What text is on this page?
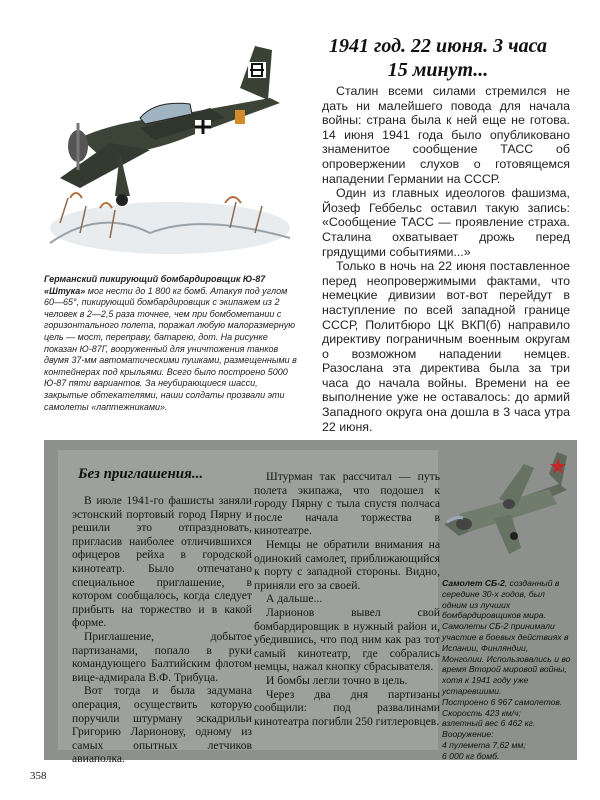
Германский пикирующий бомбардировщик Ю-87 «Штука» мог нести до 1 800 кг бомб. Атакуя под углом 60—65°, пикирующий бомбардировщик с экипажем из 2 человек в 2—2,5 раза точнее, чем при бомбометании с горизонтального полета, поражал любую малоразмерную цель — мост, переправу, батарею, дот. На рисунке показан Ю-87Г, вооруженный для уничтожения танков двумя 37-мм автоматическими пушками, размещенными в контейнерах под крыльями. Всего было построено 5000 Ю-87 пяти вариантов. За неубирающиеся шасси, закрытые обтекателями, наши солдаты прозвали эти самолеты «лаптежниками».
1941 год. 22 июня. 3 часа
15 минут...

Сталин всеми силами стремился не дать ни малейшего повода для начала войны: страна была к ней еще не готова. 14 июня 1941 года было опубликовано знаменитое сообщение ТАСС об опровержении слухов о готовящемся нападении Германии на СССР.

Один из главных идеологов фашизма, Йозеф Геббельс оставил такую запись: «Сообщение ТАСС — проявление страха. Сталина охватывает дрожь перед грядущими событиями...»

Только в ночь на 22 июня поставленное перед неопровержимыми фактами, что немецкие дивизии вот-вот перейдут в наступление по всей западной границе СССР, Политбюро ЦК ВКП(б) направило директиву пограничным военным округам о возможном нападении немцев. Разослана эта директива была за три часа до начала войны. Времени на ее выполнение уже не оставалось: до армий Западного округа она дошла в 3 часа утра 22 июня.

Без приглашения...

В июле 1941-го фашисты заняли эстонский портовый город Пярну и решили это отпраздновать, пригласив наиболее отличившихся офицеров рейха в городской кинотеатр. Было отпечатано специальное приглашение, в котором сообщалось, когда следует прибыть на торжество и в какой форме.

Приглашение, добытое партизанами, попало в руки командующего Балтийским флотом вице-адмирала В.Ф. Трибуца.

Вот тогда и была задумана операция, осуществить которую поручили штурману эскадрильи Григорию Ларионову, одному из самых опытных летчиков авиаполка.

Штурман так рассчитал — путь полета экипажа, что подошел к городу Пярну с тыла спустя полчаса после начала торжества в кинотеатре.

Немцы не обратили внимания на одинокий самолет, приближающийся к порту с западной стороны. Видно, приняли его за своей.

А дальше...

Ларионов вывел свой бомбардировщик в нужный район и, убедившись, что под ним как раз тот самый кинотеатр, где собрались немцы, нажал кнопку сбрасывателя.

И бомбы легли точно в цель.

Через два дня партизаны сообщили: под развалинами кинотеатра погибли 250 гитлеровцев.

Самолет СБ-2, созданный в середине 30-х годов, был одним из лучших бомбардировщиков мира. Самолеты СБ-2 принимали участие в боевых действиях в Испании, Финляндии, Монголии. Использовались и во время Второй мировой войны, хотя к 1941 году уже устаревшими.

Построено 6 967 самолетов.

Скорость 423 км/ч;

взлетный вес 6 462 кг.

Вооружение:

4 пулемета 7,62 мм;

6 000 кг бомб.

358
